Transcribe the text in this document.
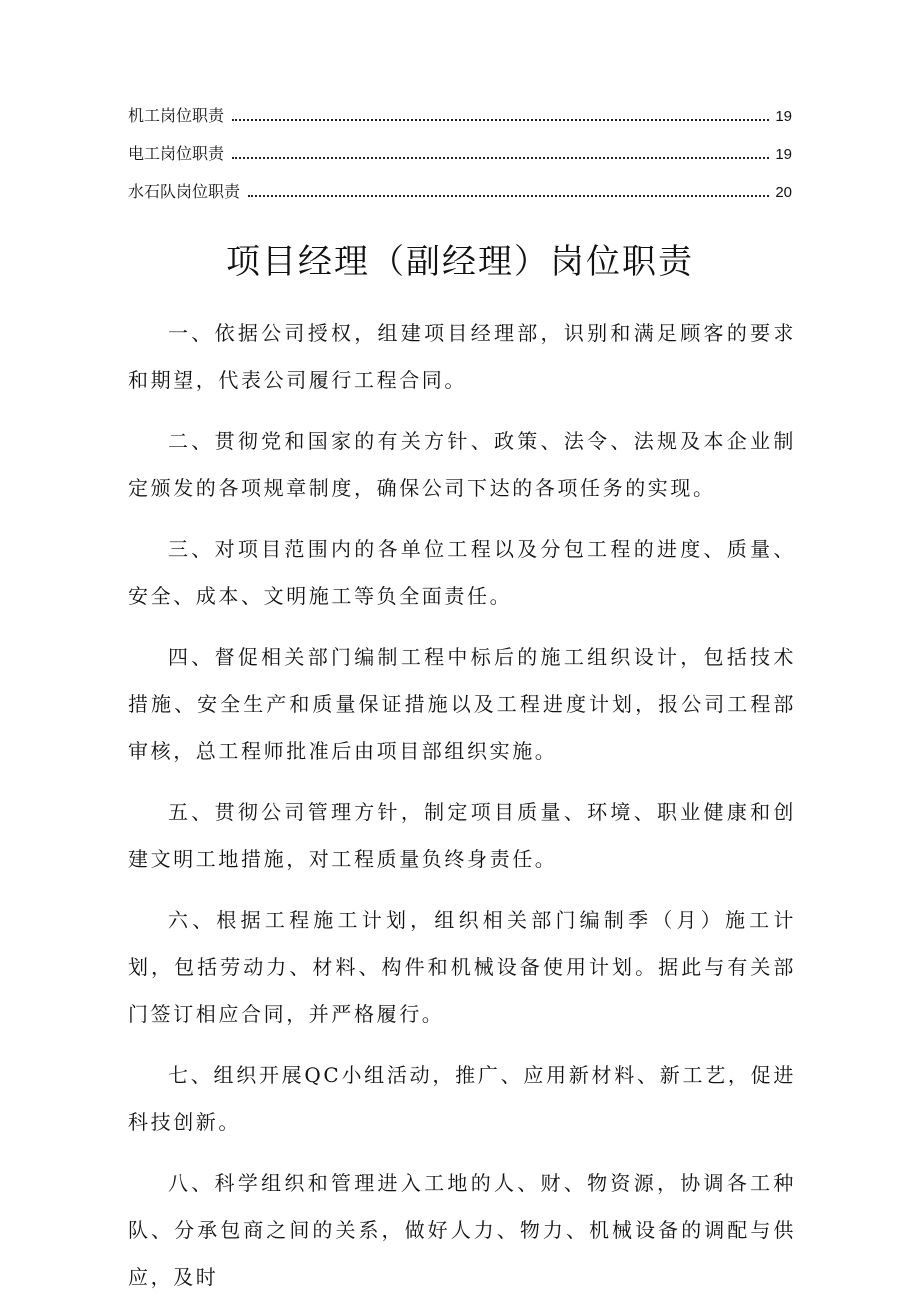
机工岗位职责	19
电工岗位职责	19
水石队岗位职责	20
项目经理（副经理）岗位职责

一、依据公司授权，组建项目经理部，识别和满足顾客的要求和期望，代表公司履行工程合同。

二、贯彻党和国家的有关方针、政策、法令、法规及本企业制定颁发的各项规章制度，确保公司下达的各项任务的实现。

三、对项目范围内的各单位工程以及分包工程的进度、质量、安全、成本、文明施工等负全面责任。

四、督促相关部门编制工程中标后的施工组织设计，包括技术措施、安全生产和质量保证措施以及工程进度计划，报公司工程部审核，总工程师批准后由项目部组织实施。

五、贯彻公司管理方针，制定项目质量、环境、职业健康和创建文明工地措施，对工程质量负终身责任。

六、根据工程施工计划，组织相关部门编制季（月）施工计划，包括劳动力、材料、构件和机械设备使用计划。据此与有关部门签订相应合同，并严格履行。

七、组织开展QC小组活动，推广、应用新材料、新工艺，促进科技创新。

八、科学组织和管理进入工地的人、财、物资源，协调各工种队、分承包商之间的关系，做好人力、物力、机械设备的调配与供应，及时
